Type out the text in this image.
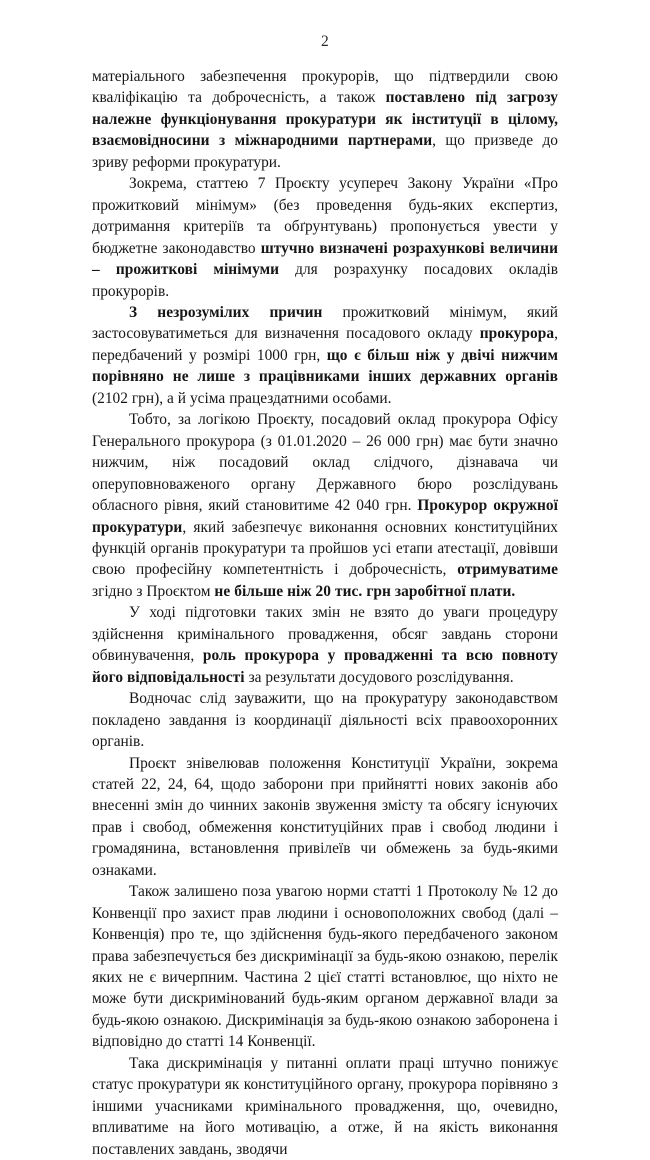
2

матеріального забезпечення прокурорів, що підтвердили свою кваліфікацію та доброчесність, а також поставлено під загрозу належне функціонування прокуратури як інституції в цілому, взаємовідносини з міжнародними партнерами, що призведе до зриву реформи прокуратури.

Зокрема, статтею 7 Проєкту усупереч Закону України «Про прожитковий мінімум» (без проведення будь-яких експертиз, дотримання критеріїв та обґрунтувань) пропонується увести у бюджетне законодавство штучно визначені розрахункові величини – прожиткові мінімуми для розрахунку посадових окладів прокурорів.

З незрозумілих причин прожитковий мінімум, який застосовуватиметься для визначення посадового окладу прокурора, передбачений у розмірі 1000 грн, що є більш ніж у двічі нижчим порівняно не лише з працівниками інших державних органів (2102 грн), а й усіма працездатними особами.

Тобто, за логікою Проєкту, посадовий оклад прокурора Офісу Генерального прокурора (з 01.01.2020 – 26 000 грн) має бути значно нижчим, ніж посадовий оклад слідчого, дізнавача чи оперуповноваженого органу Державного бюро розслідувань обласного рівня, який становитиме 42 040 грн. Прокурор окружної прокуратури, який забезпечує виконання основних конституційних функцій органів прокуратури та пройшов усі етапи атестації, довівши свою професійну компетентність і доброчесність, отримуватиме згідно з Проєктом не більше ніж 20 тис. грн заробітної плати.

У ході підготовки таких змін не взято до уваги процедуру здійснення кримінального провадження, обсяг завдань сторони обвинувачення, роль прокурора у провадженні та всю повноту його відповідальності за результати досудового розслідування.

Водночас слід зауважити, що на прокуратуру законодавством покладено завдання із координації діяльності всіх правоохоронних органів.

Проєкт знівелював положення Конституції України, зокрема статей 22, 24, 64, щодо заборони при прийнятті нових законів або внесенні змін до чинних законів звуження змісту та обсягу існуючих прав і свобод, обмеження конституційних прав і свобод людини і громадянина, встановлення привілеїв чи обмежень за будь-якими ознаками.

Також залишено поза увагою норми статті 1 Протоколу № 12 до Конвенції про захист прав людини і основоположних свобод (далі – Конвенція) про те, що здійснення будь-якого передбаченого законом права забезпечується без дискримінації за будь-якою ознакою, перелік яких не є вичерпним. Частина 2 цієї статті встановлює, що ніхто не може бути дискримінований будь-яким органом державної влади за будь-якою ознакою. Дискримінація за будь-якою ознакою заборонена і відповідно до статті 14 Конвенції.

Така дискримінація у питанні оплати праці штучно понижує статус прокуратури як конституційного органу, прокурора порівняно з іншими учасниками кримінального провадження, що, очевидно, впливатиме на його мотивацію, а отже, й на якість виконання поставлених завдань, зводячи
